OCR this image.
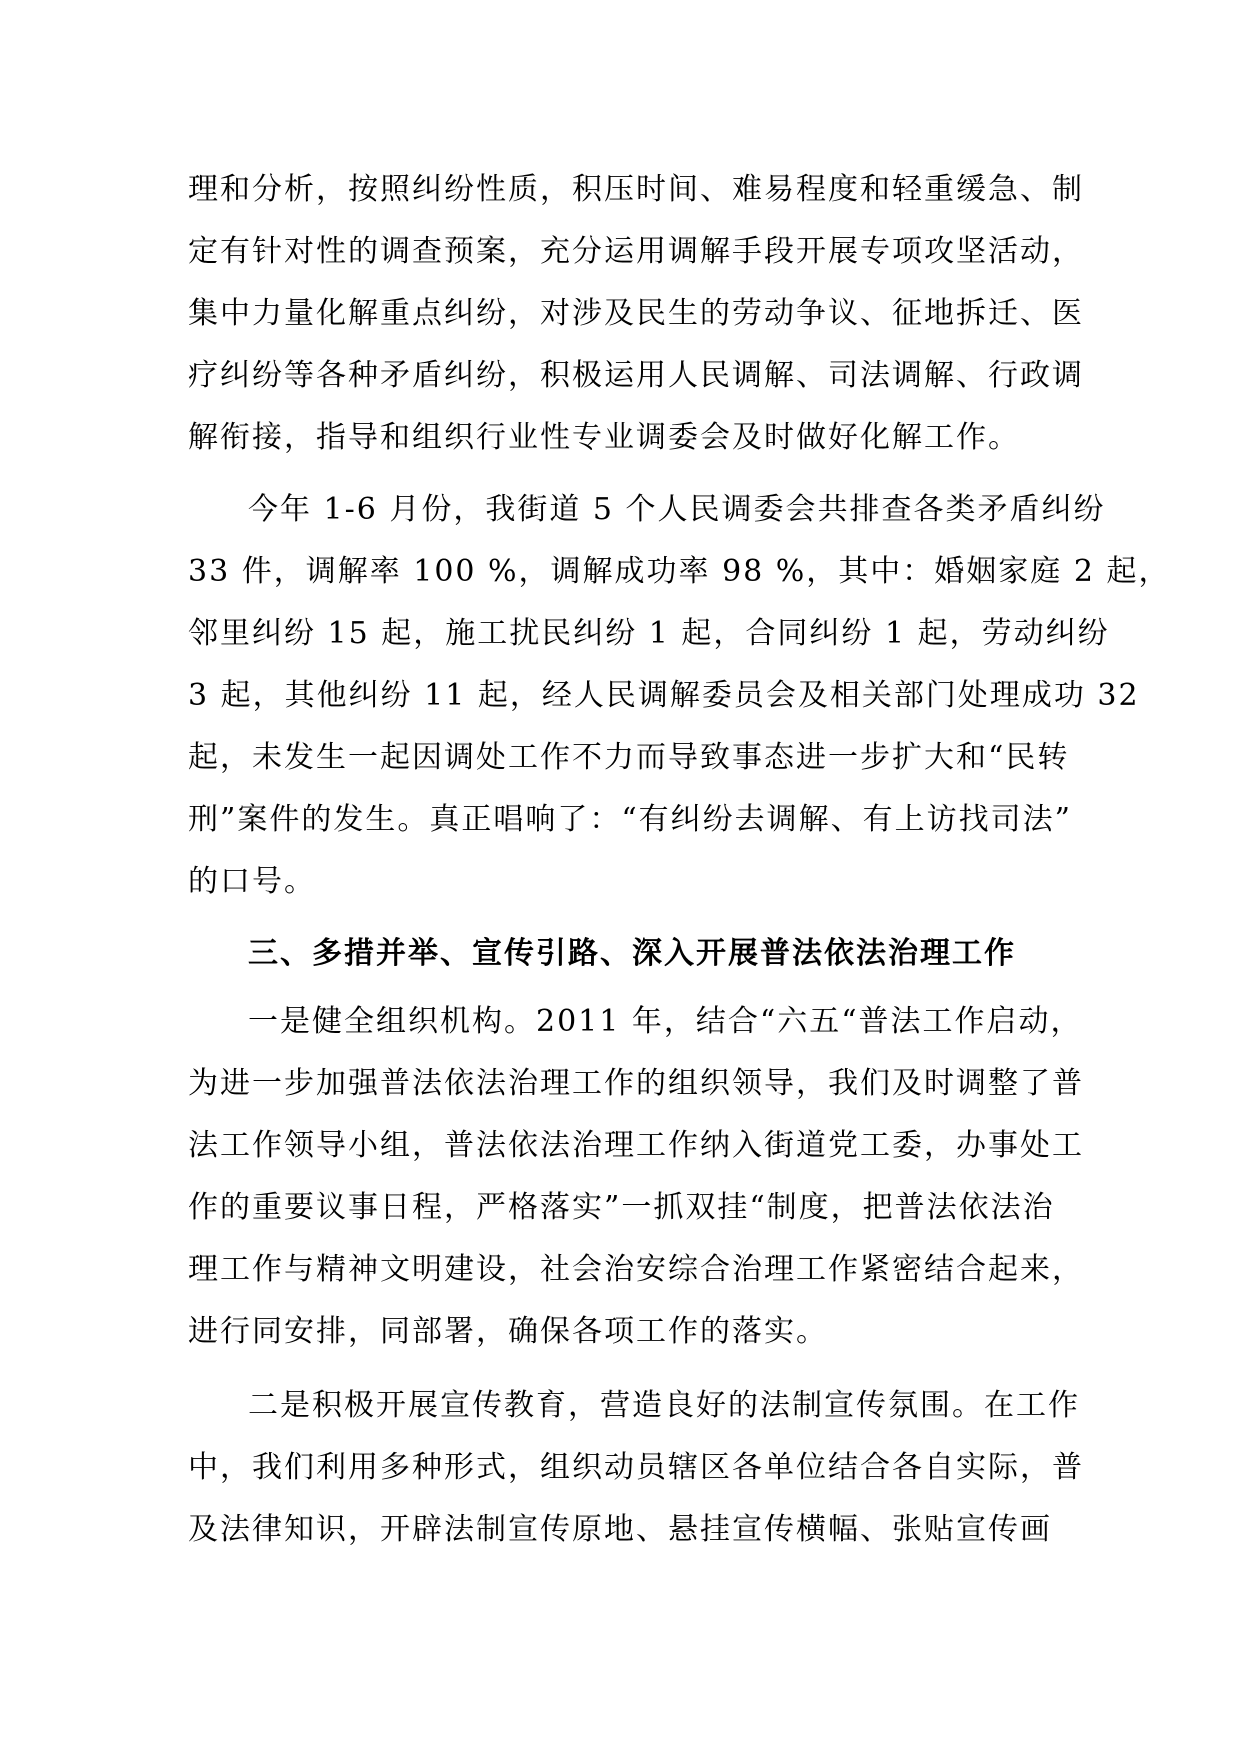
理和分析，按照纠纷性质，积压时间、难易程度和轻重缓急、制
定有针对性的调查预案，充分运用调解手段开展专项攻坚活动，
集中力量化解重点纠纷，对涉及民生的劳动争议、征地拆迁、医
疗纠纷等各种矛盾纠纷，积极运用人民调解、司法调解、行政调
解衔接，指导和组织行业性专业调委会及时做好化解工作。
今年 1-6 月份，我街道 5 个人民调委会共排查各类矛盾纠纷
33 件，调解率 100 %，调解成功率 98 %，其中：婚姻家庭 2 起，
邻里纠纷 15 起，施工扰民纠纷 1 起，合同纠纷 1 起，劳动纠纷
3 起，其他纠纷 11 起，经人民调解委员会及相关部门处理成功 32
起，未发生一起因调处工作不力而导致事态进一步扩大和“民转
刑”案件的发生。真正唱响了：“有纠纷去调解、有上访找司法”
的口号。
三、多措并举、宣传引路、深入开展普法依法治理工作
一是健全组织机构。2011 年，结合“六五“普法工作启动，
为进一步加强普法依法治理工作的组织领导，我们及时调整了普
法工作领导小组，普法依法治理工作纳入街道党工委，办事处工
作的重要议事日程，严格落实”一抓双挂“制度，把普法依法治
理工作与精神文明建设，社会治安综合治理工作紧密结合起来，
进行同安排，同部署，确保各项工作的落实。
二是积极开展宣传教育，营造良好的法制宣传氛围。在工作
中，我们利用多种形式，组织动员辖区各单位结合各自实际，普
及法律知识，开辟法制宣传原地、悬挂宣传横幅、张贴宣传画
